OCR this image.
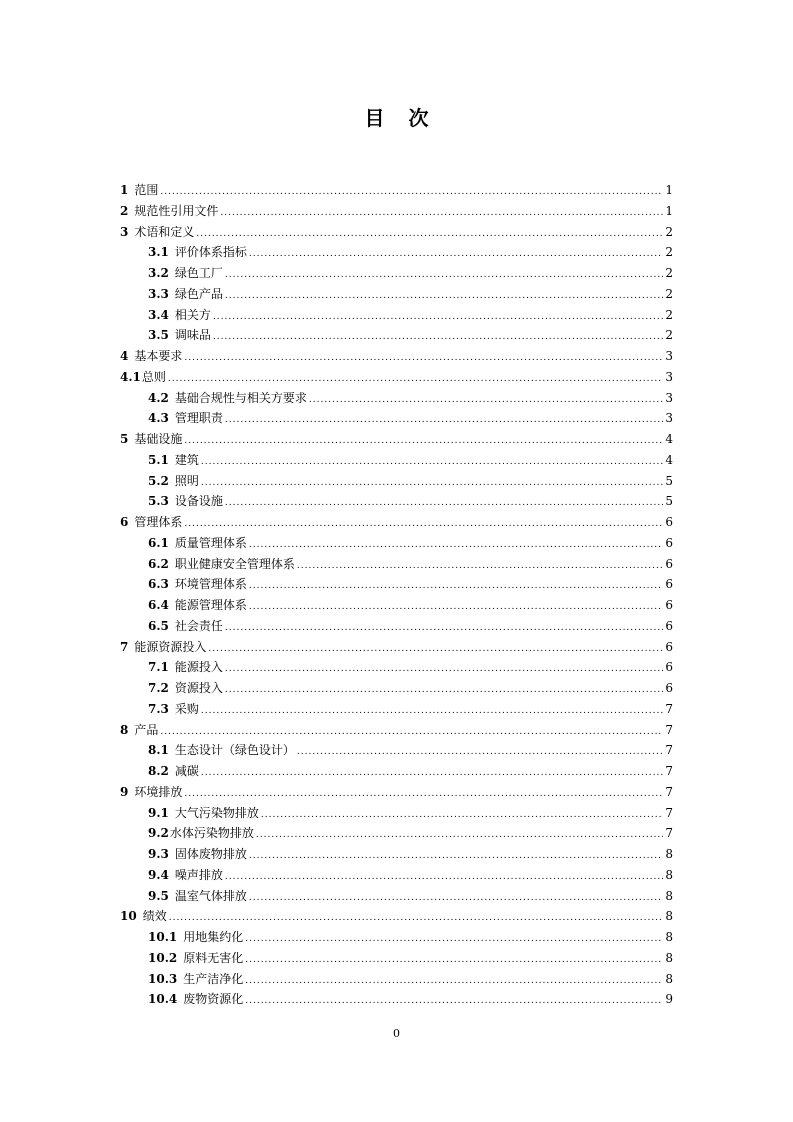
目 次
1 范围 .....	1
2 规范性引用文件 .....	1
3 术语和定义 .....	2
3.1 评价体系指标 .....	2
3.2 绿色工厂 .....	2
3.3 绿色产品 .....	2
3.4 相关方 .....	2
3.5 调味品 .....	2
4 基本要求 .....	3
4.1 总则 .....	3
4.2 基础合规性与相关方要求 .....	3
4.3 管理职责 .....	3
5 基础设施 .....	4
5.1 建筑 .....	4
5.2 照明 .....	5
5.3 设备设施 .....	5
6 管理体系 .....	6
6.1 质量管理体系 .....	6
6.2 职业健康安全管理体系 .....	6
6.3 环境管理体系 .....	6
6.4 能源管理体系 .....	6
6.5 社会责任 .....	6
7 能源资源投入 .....	6
7.1 能源投入 .....	6
7.2 资源投入 .....	6
7.3 采购 .....	7
8 产品 .....	7
8.1 生态设计（绿色设计） .....	7
8.2 减碳 .....	7
9 环境排放 .....	7
9.1 大气污染物排放 .....	7
9.2 水体污染物排放 .....	7
9.3 固体废物排放 .....	8
9.4 噪声排放 .....	8
9.5 温室气体排放 .....	8
10 绩效 .....	8
10.1 用地集约化 .....	8
10.2 原料无害化 .....	8
10.3 生产洁净化 .....	8
10.4 废物资源化 .....	9
0
